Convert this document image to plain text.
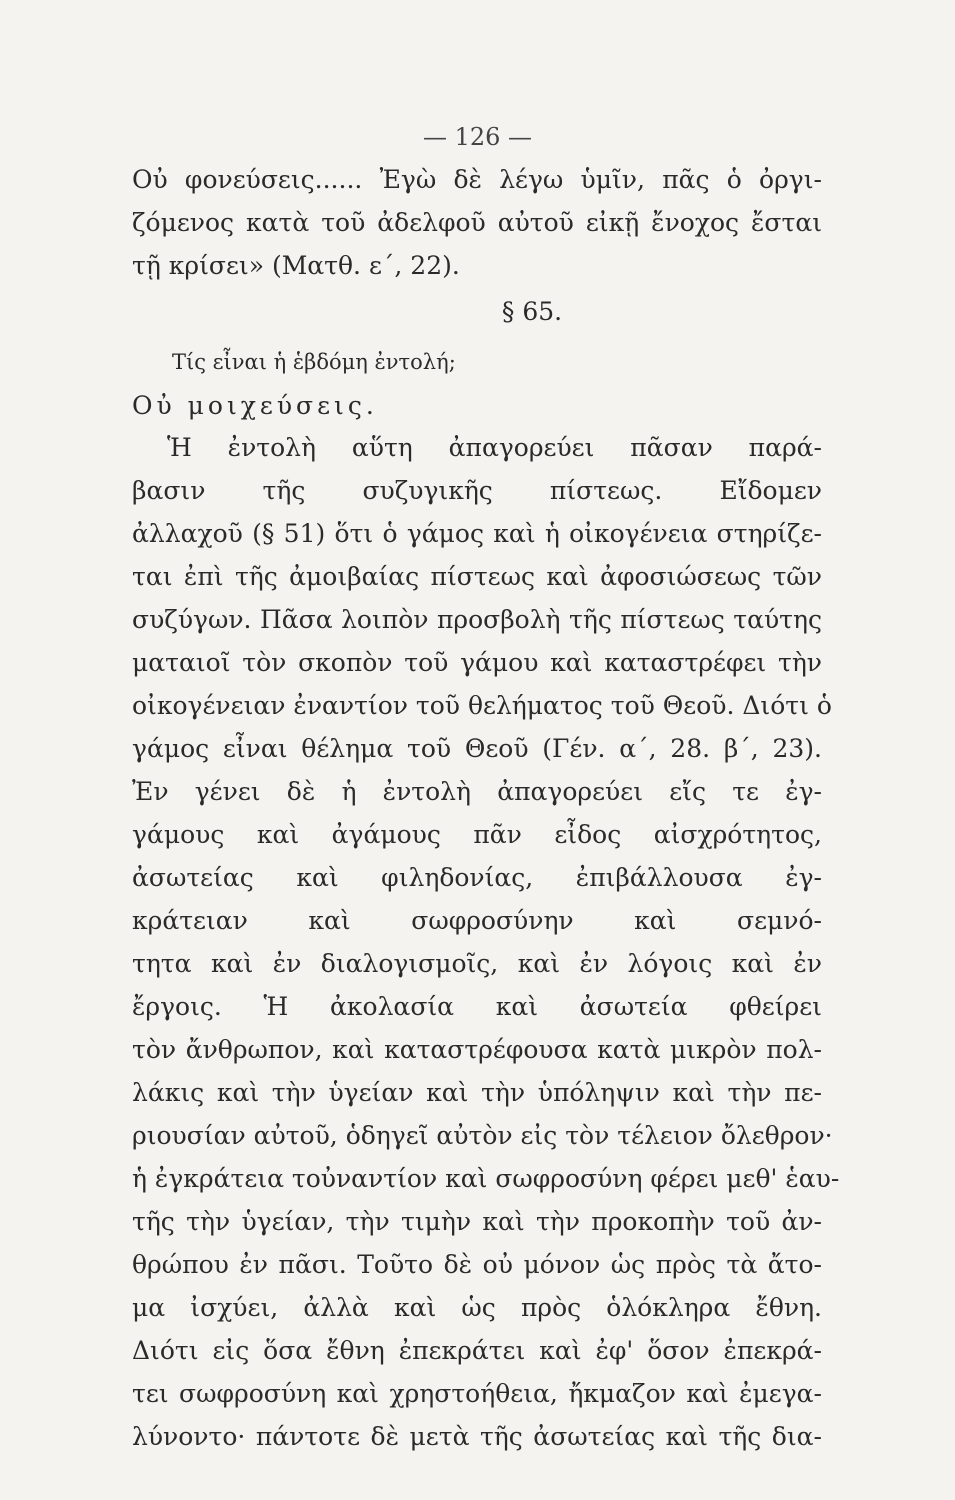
— 126 —
Οὐ φονεύσεις...... Ἐγὼ δὲ λέγω ὑμῖν, πᾶς ὁ ὀργι-
ζόμενος κατὰ τοῦ ἀδελφοῦ αὐτοῦ εἰκῇ ἔνοχος ἔσται
τῇ κρίσει» (Ματθ. ε΄, 22).
§ 65.
Τίς εἶναι ἡ ἑβδόμη ἐντολή;
Οὐ μοιχεύσεις.
Ἡ ἐντολὴ αὕτη ἀπαγορεύει πᾶσαν παρά-
βασιν τῆς συζυγικῆς πίστεως. Εἴδομεν
ἀλλαχοῦ (§ 51) ὅτι ὁ γάμος καὶ ἡ οἰκογένεια στηρίζε-
ται ἐπὶ τῆς ἀμοιβαίας πίστεως καὶ ἀφοσιώσεως τῶν
συζύγων. Πᾶσα λοιπὸν προσβολὴ τῆς πίστεως ταύτης
ματαιοῖ τὸν σκοπὸν τοῦ γάμου καὶ καταστρέφει τὴν
οἰκογένειαν ἐναντίον τοῦ θελήματος τοῦ Θεοῦ. Διότι ὁ
γάμος εἶναι θέλημα τοῦ Θεοῦ (Γέν. α΄, 28. β΄, 23).
Ἐν γένει δὲ ἡ ἐντολὴ ἀπαγορεύει εἴς τε ἐγ-
γάμους καὶ ἀγάμους πᾶν εἶδος αἰσχρότητος,
ἀσωτείας καὶ φιληδονίας, ἐπιβάλλουσα ἐγ-
κράτειαν καὶ σωφροσύνην καὶ σεμνό-
τητα καὶ ἐν διαλογισμοῖς, καὶ ἐν λόγοις καὶ ἐν
ἔργοις. Ἡ ἀκολασία καὶ ἀσωτεία φθείρει
τὸν ἄνθρωπον, καὶ καταστρέφουσα κατὰ μικρὸν πολ-
λάκις καὶ τὴν ὑγείαν καὶ τὴν ὑπόληψιν καὶ τὴν πε-
ριουσίαν αὐτοῦ, ὁδηγεῖ αὐτὸν εἰς τὸν τέλειον ὄλεθρον·
ἡ ἐγκράτεια τοὐναντίον καὶ σωφροσύνη φέρει μεθ' ἑαυ-
τῆς τὴν ὑγείαν, τὴν τιμὴν καὶ τὴν προκοπὴν τοῦ ἀν-
θρώπου ἐν πᾶσι. Τοῦτο δὲ οὐ μόνον ὡς πρὸς τὰ ἄτο-
μα ἰσχύει, ἀλλὰ καὶ ὡς πρὸς ὁλόκληρα ἔθνη.
Διότι εἰς ὅσα ἔθνη ἐπεκράτει καὶ ἐφ' ὅσον ἐπεκρά-
τει σωφροσύνη καὶ χρηστοήθεια, ἤκμαζον καὶ ἐμεγα-
λύνοντο· πάντοτε δὲ μετὰ τῆς ἀσωτείας καὶ τῆς δια-
